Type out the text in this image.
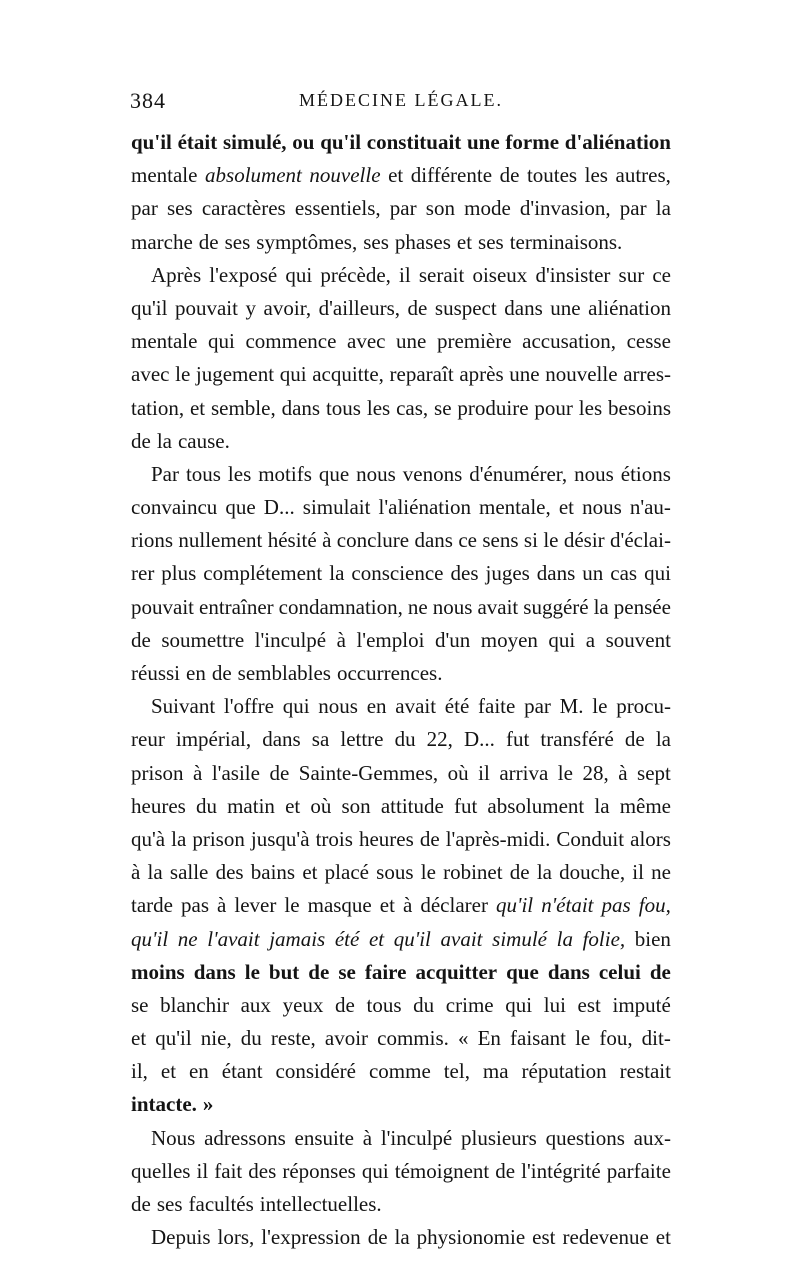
384	MÉDECINE LÉGALE.
qu'il était simulé, ou qu'il constituait une forme d'aliénation
mentale absolument nouvelle et différente de toutes les autres,
par ses caractères essentiels, par son mode d'invasion, par la
marche de ses symptômes, ses phases et ses terminaisons.
Après l'exposé qui précède, il serait oiseux d'insister sur ce
qu'il pouvait y avoir, d'ailleurs, de suspect dans une aliénation
mentale qui commence avec une première accusation, cesse
avec le jugement qui acquitte, reparaît après une nouvelle arres-
tation, et semble, dans tous les cas, se produire pour les besoins
de la cause.
Par tous les motifs que nous venons d'énumérer, nous étions
convaincu que D... simulait l'aliénation mentale, et nous n'au-
rions nullement hésité à conclure dans ce sens si le désir d'éclai-
rer plus complétement la conscience des juges dans un cas qui
pouvait entraîner condamnation, ne nous avait suggéré la pensée
de soumettre l'inculpé à l'emploi d'un moyen qui a souvent
réussi en de semblables occurrences.
Suivant l'offre qui nous en avait été faite par M. le procu-
reur impérial, dans sa lettre du 22, D... fut transféré de la
prison à l'asile de Sainte-Gemmes, où il arriva le 28, à sept
heures du matin et où son attitude fut absolument la même
qu'à la prison jusqu'à trois heures de l'après-midi. Conduit alors
à la salle des bains et placé sous le robinet de la douche, il ne
tarde pas à lever le masque et à déclarer qu'il n'était pas fou,
qu'il ne l'avait jamais été et qu'il avait simulé la folie, bien
moins dans le but de se faire acquitter que dans celui de
se blanchir aux yeux de tous du crime qui lui est imputé
et qu'il nie, du reste, avoir commis. « En faisant le fou, dit-
il, et en étant considéré comme tel, ma réputation restait
intacte. »
Nous adressons ensuite à l'inculpé plusieurs questions aux-
quelles il fait des réponses qui témoignent de l'intégrité parfaite
de ses facultés intellectuelles.
Depuis lors, l'expression de la physionomie est redevenue et
